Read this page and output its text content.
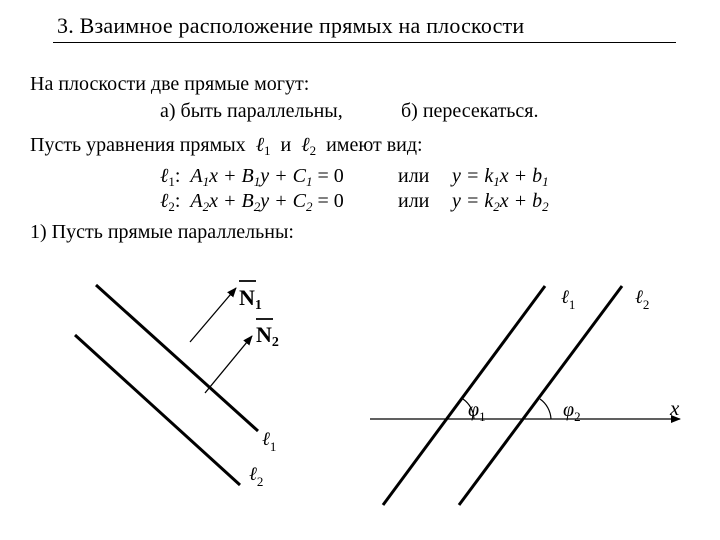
3. Взаимное расположение прямых на плоскости
На плоскости две прямые могут:
а) быть параллельны,	б) пересекаться.
Пусть уравнения прямых ℓ$_1$ и ℓ$_2$ имеют вид:
ℓ$_1$:  $A_1x + B_1y + C_1 = 0$	или $y = k_1x + b_1$
ℓ$_2$:  $A_2x + B_2y + C_2 = 0$	или $y = k_2x + b_2$
1) Пусть прямые параллельны:
N1
N2
ℓ$_1$
ℓ$_2$
$\varphi_1$	$\varphi_2$
ℓ$_1$	ℓ$_2$
x
